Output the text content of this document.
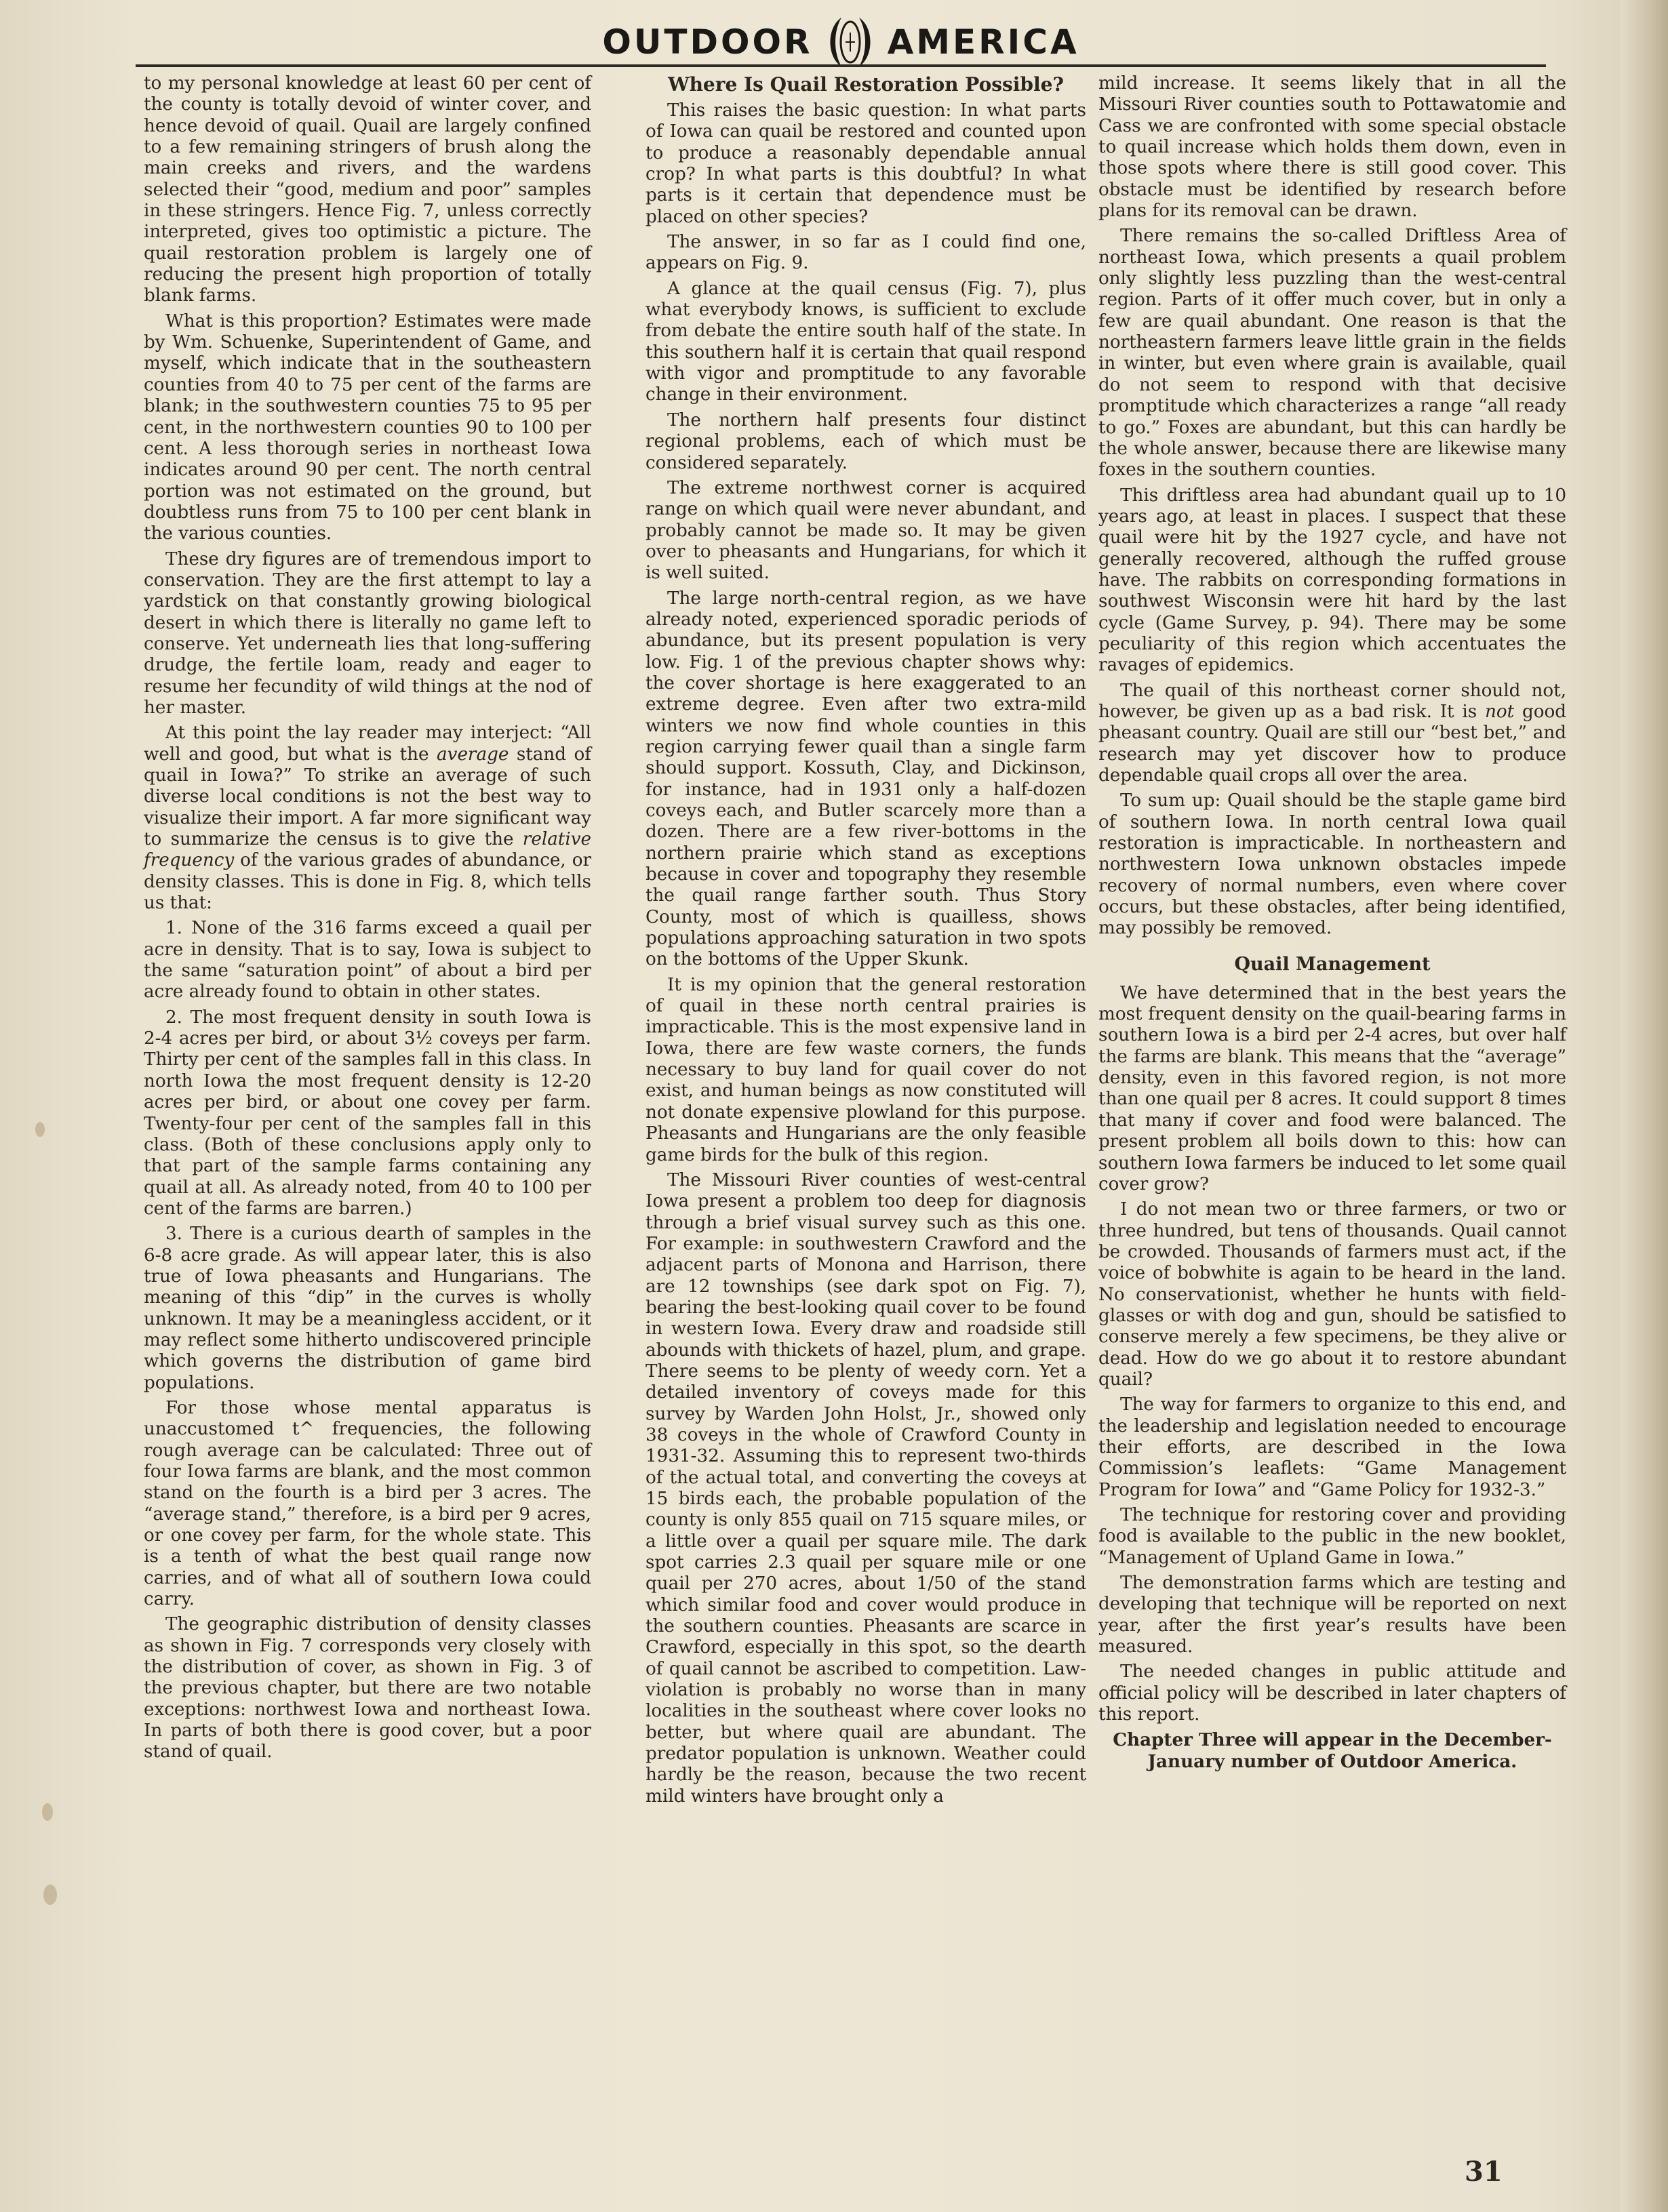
OUTDOOR AMERICA

to my personal knowledge at least 60 per cent of the county is totally devoid of winter cover, and hence devoid of quail. Quail are largely confined to a few remaining stringers of brush along the main creeks and rivers, and the wardens selected their “good, medium and poor” samples in these stringers. Hence Fig. 7, unless correctly interpreted, gives too optimistic a picture. The quail restoration problem is largely one of reducing the present high proportion of totally blank farms.

What is this proportion? Estimates were made by Wm. Schuenke, Superintendent of Game, and myself, which indicate that in the southeastern counties from 40 to 75 per cent of the farms are blank; in the southwestern counties 75 to 95 per cent, in the northwestern counties 90 to 100 per cent. A less thorough series in northeast Iowa indicates around 90 per cent. The north central portion was not estimated on the ground, but doubtless runs from 75 to 100 per cent blank in the various counties.

These dry figures are of tremendous import to conservation. They are the first attempt to lay a yardstick on that constantly growing biological desert in which there is literally no game left to conserve. Yet underneath lies that long-suffering drudge, the fertile loam, ready and eager to resume her fecundity of wild things at the nod of her master.

At this point the lay reader may interject: “All well and good, but what is the average stand of quail in Iowa?” To strike an average of such diverse local conditions is not the best way to visualize their import. A far more significant way to summarize the census is to give the relative frequency of the various grades of abundance, or density classes. This is done in Fig. 8, which tells us that:

1. None of the 316 farms exceed a quail per acre in density. That is to say, Iowa is subject to the same “saturation point” of about a bird per acre already found to obtain in other states.

2. The most frequent density in south Iowa is 2-4 acres per bird, or about 3½ coveys per farm. Thirty per cent of the samples fall in this class. In north Iowa the most frequent density is 12-20 acres per bird, or about one covey per farm. Twenty-four per cent of the samples fall in this class. (Both of these conclusions apply only to that part of the sample farms containing any quail at all. As already noted, from 40 to 100 per cent of the farms are barren.)

3. There is a curious dearth of samples in the 6-8 acre grade. As will appear later, this is also true of Iowa pheasants and Hungarians. The meaning of this “dip” in the curves is wholly unknown. It may be a meaningless accident, or it may reflect some hitherto undiscovered principle which governs the distribution of game bird populations.

For those whose mental apparatus is unaccustomed t^ frequencies, the following rough average can be calculated: Three out of four Iowa farms are blank, and the most common stand on the fourth is a bird per 3 acres. The “average stand,” therefore, is a bird per 9 acres, or one covey per farm, for the whole state. This is a tenth of what the best quail range now carries, and of what all of southern Iowa could carry.

The geographic distribution of density classes as shown in Fig. 7 corresponds very closely with the distribution of cover, as shown in Fig. 3 of the previous chapter, but there are two notable exceptions: northwest Iowa and northeast Iowa. In parts of both there is good cover, but a poor stand of quail.

Where Is Quail Restoration Possible?

This raises the basic question: In what parts of Iowa can quail be restored and counted upon to produce a reasonably dependable annual crop? In what parts is this doubtful? In what parts is it certain that dependence must be placed on other species?

The answer, in so far as I could find one, appears on Fig. 9.

A glance at the quail census (Fig. 7), plus what everybody knows, is sufficient to exclude from debate the entire south half of the state. In this southern half it is certain that quail respond with vigor and promptitude to any favorable change in their environment.

The northern half presents four distinct regional problems, each of which must be considered separately.

The extreme northwest corner is acquired range on which quail were never abundant, and probably cannot be made so. It may be given over to pheasants and Hungarians, for which it is well suited.

The large north-central region, as we have already noted, experienced sporadic periods of abundance, but its present population is very low. Fig. 1 of the previous chapter shows why: the cover shortage is here exaggerated to an extreme degree. Even after two extra-mild winters we now find whole counties in this region carrying fewer quail than a single farm should support. Kossuth, Clay, and Dickinson, for instance, had in 1931 only a half-dozen coveys each, and Butler scarcely more than a dozen. There are a few river-bottoms in the northern prairie which stand as exceptions because in cover and topography they resemble the quail range farther south. Thus Story County, most of which is quailless, shows populations approaching saturation in two spots on the bottoms of the Upper Skunk.

It is my opinion that the general restoration of quail in these north central prairies is impracticable. This is the most expensive land in Iowa, there are few waste corners, the funds necessary to buy land for quail cover do not exist, and human beings as now constituted will not donate expensive plowland for this purpose. Pheasants and Hungarians are the only feasible game birds for the bulk of this region.

The Missouri River counties of west-central Iowa present a problem too deep for diagnosis through a brief visual survey such as this one. For example: in southwestern Crawford and the adjacent parts of Monona and Harrison, there are 12 townships (see dark spot on Fig. 7), bearing the best-looking quail cover to be found in western Iowa. Every draw and roadside still abounds with thickets of hazel, plum, and grape. There seems to be plenty of weedy corn. Yet a detailed inventory of coveys made for this survey by Warden John Holst, Jr., showed only 38 coveys in the whole of Crawford County in 1931-32. Assuming this to represent two-thirds of the actual total, and converting the coveys at 15 birds each, the probable population of the county is only 855 quail on 715 square miles, or a little over a quail per square mile. The dark spot carries 2.3 quail per square mile or one quail per 270 acres, about 1/50 of the stand which similar food and cover would produce in the southern counties. Pheasants are scarce in Crawford, especially in this spot, so the dearth of quail cannot be ascribed to competition. Law-violation is probably no worse than in many localities in the southeast where cover looks no better, but where quail are abundant. The predator population is unknown. Weather could hardly be the reason, because the two recent mild winters have brought only a

mild increase. It seems likely that in all the Missouri River counties south to Pottawatomie and Cass we are confronted with some special obstacle to quail increase which holds them down, even in those spots where there is still good cover. This obstacle must be identified by research before plans for its removal can be drawn.

There remains the so-called Driftless Area of northeast Iowa, which presents a quail problem only slightly less puzzling than the west-central region. Parts of it offer much cover, but in only a few are quail abundant. One reason is that the northeastern farmers leave little grain in the fields in winter, but even where grain is available, quail do not seem to respond with that decisive promptitude which characterizes a range “all ready to go.” Foxes are abundant, but this can hardly be the whole answer, because there are likewise many foxes in the southern counties.

This driftless area had abundant quail up to 10 years ago, at least in places. I suspect that these quail were hit by the 1927 cycle, and have not generally recovered, although the ruffed grouse have. The rabbits on corresponding formations in southwest Wisconsin were hit hard by the last cycle (Game Survey, p. 94). There may be some peculiarity of this region which accentuates the ravages of epidemics.

The quail of this northeast corner should not, however, be given up as a bad risk. It is not good pheasant country. Quail are still our “best bet,” and research may yet discover how to produce dependable quail crops all over the area.

To sum up: Quail should be the staple game bird of southern Iowa. In north central Iowa quail restoration is impracticable. In northeastern and northwestern Iowa unknown obstacles impede recovery of normal numbers, even where cover occurs, but these obstacles, after being identified, may possibly be removed.

Quail Management

We have determined that in the best years the most frequent density on the quail-bearing farms in southern Iowa is a bird per 2-4 acres, but over half the farms are blank. This means that the “average” density, even in this favored region, is not more than one quail per 8 acres. It could support 8 times that many if cover and food were balanced. The present problem all boils down to this: how can southern Iowa farmers be induced to let some quail cover grow?

I do not mean two or three farmers, or two or three hundred, but tens of thousands. Quail cannot be crowded. Thousands of farmers must act, if the voice of bobwhite is again to be heard in the land. No conservationist, whether he hunts with field-glasses or with dog and gun, should be satisfied to conserve merely a few specimens, be they alive or dead. How do we go about it to restore abundant quail?

The way for farmers to organize to this end, and the leadership and legislation needed to encourage their efforts, are described in the Iowa Commission’s leaflets: “Game Management Program for Iowa” and “Game Policy for 1932-3.”

The technique for restoring cover and providing food is available to the public in the new booklet, “Management of Upland Game in Iowa.”

The demonstration farms which are testing and developing that technique will be reported on next year, after the first year’s results have been measured.

The needed changes in public attitude and official policy will be described in later chapters of this report.

Chapter Three will appear in the December-January number of Outdoor America.

31
